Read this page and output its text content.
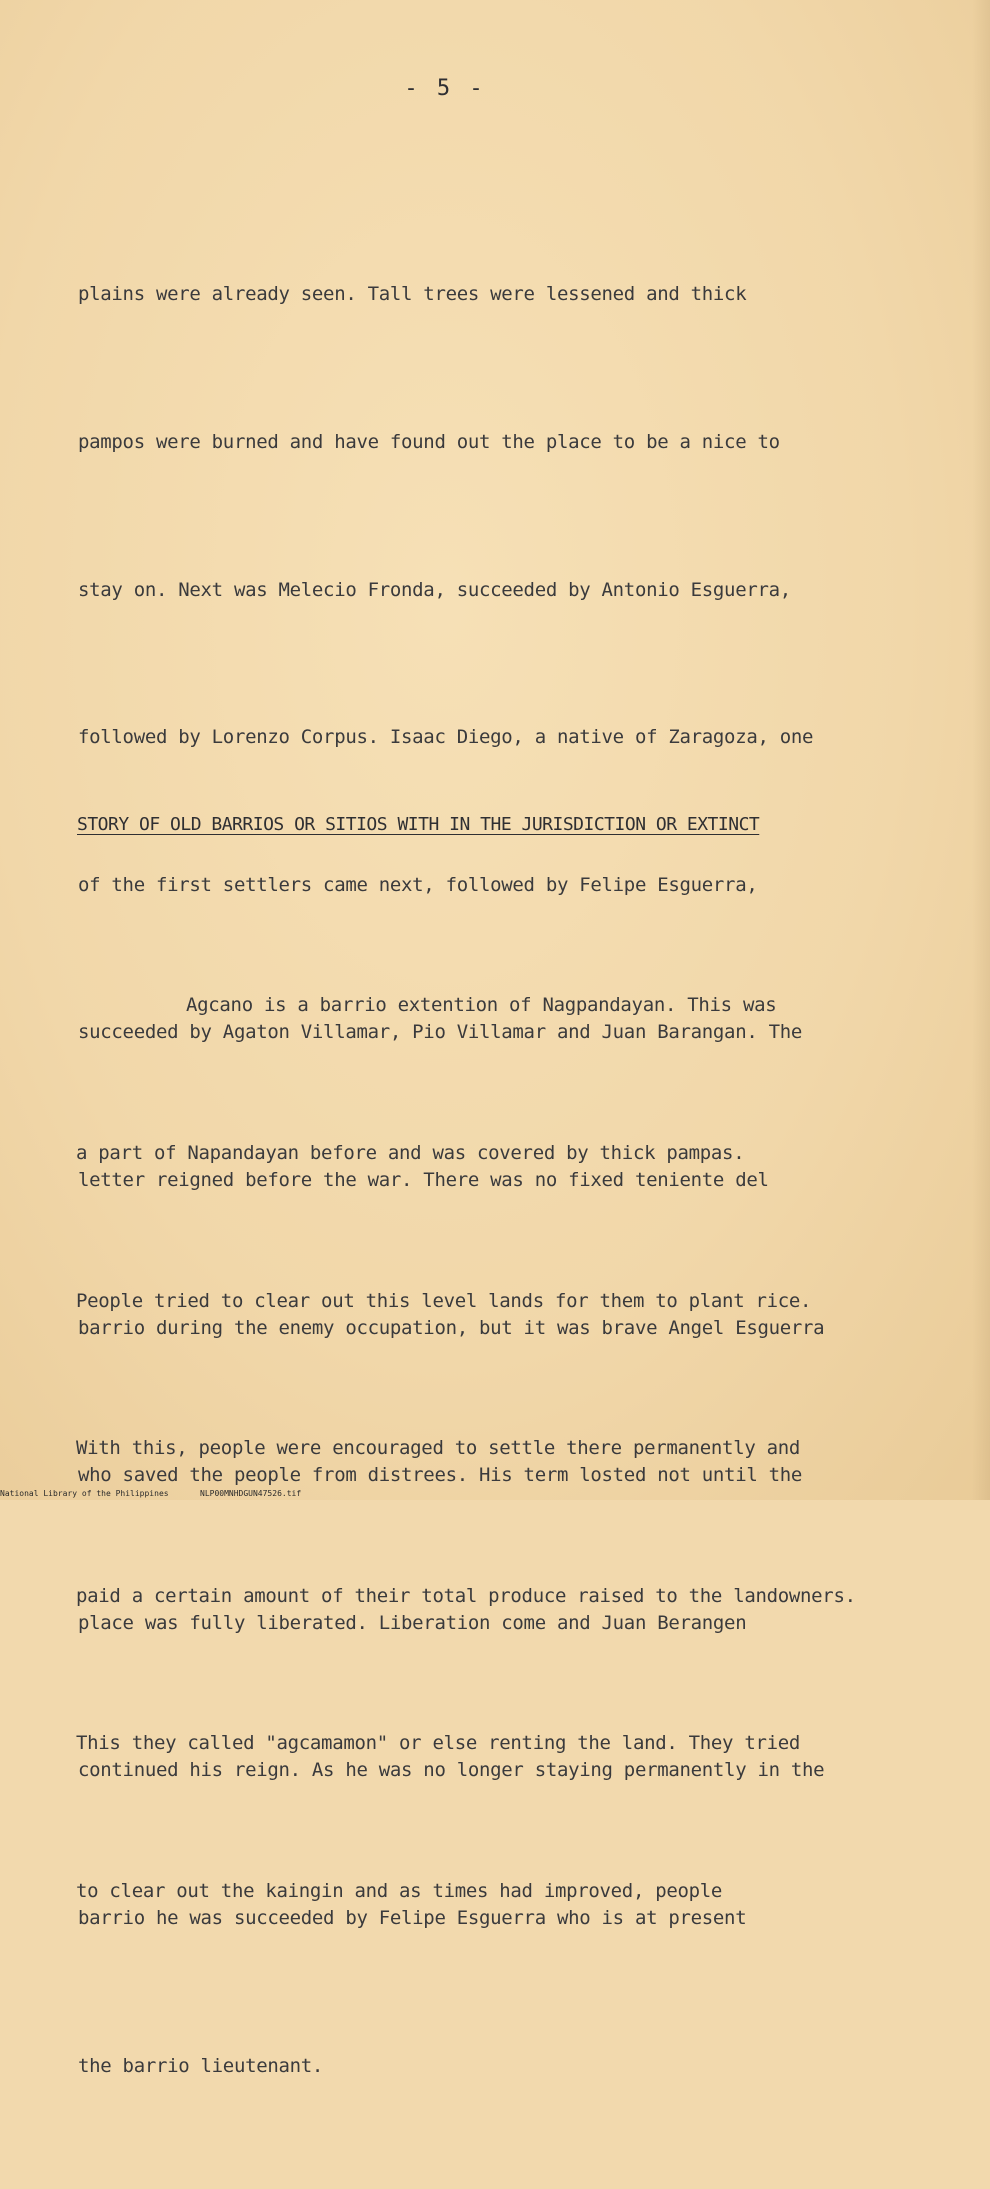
- 5 -

plains were already seen. Tall trees were lessened and thick

pampos were burned and have found out the place to be a nice to

stay on. Next was Melecio Fronda, succeeded by Antonio Esguerra,

followed by Lorenzo Corpus. Isaac Diego, a native of Zaragoza, one

of the first settlers came next, followed by Felipe Esguerra,

succeeded by Agaton Villamar, Pio Villamar and Juan Barangan. The

letter reigned before the war. There was no fixed teniente del

barrio during the enemy occupation, but it was brave Angel Esguerra

who saved the people from distrees. His term losted not until the

place was fully liberated. Liberation come and Juan Berangen

continued his reign. As he was no longer staying permanently in the

barrio he was succeeded by Felipe Esguerra who is at present

the barrio lieutenant.

STORY OF OLD BARRIOS OR SITIOS WITH IN THE JURISDICTION OR EXTINCT

Agcano is a barrio extention of Nagpandayan. This was

a part of Napandayan before and was covered by thick pampas.

People tried to clear out this level lands for them to plant rice.

With this, people were encouraged to settle there permanently and

paid a certain amount of their total produce raised to the landowners.

This they called "agcamamon" or else renting the land. They tried

to clear out the kaingin and as times had improved, people

National Library of the Philippines

	NLP00MNHDGUN47526.tif
